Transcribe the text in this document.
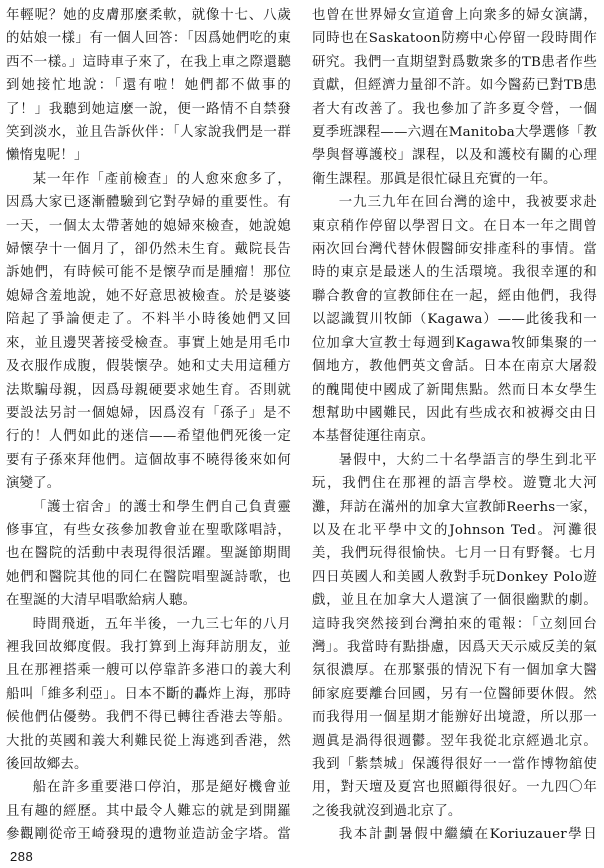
年輕呢？她的皮膚那麼柔軟，就像十七、八歲的姑娘一樣」有一個人回答：「因爲她們吃的東西不一樣。」這時車子來了，在我上車之際還聽到她接忙地說：「還有啦！她們都不做事的了！」我聽到她這麼一說，便一路情不自禁發笑到淡水，並且告訴伙伴：「人家說我們是一群懶惰鬼呢！」

某一年作「產前檢查」的人愈來愈多了，因爲大家已逐漸體驗到它對孕婦的重要性。有一天，一個太太帶著她的媳婦來檢查，她說媳婦懷孕十一個月了，卻仍然未生育。戴院長告訴她們，有時候可能不是懷孕而是腫瘤！那位媳婦含羞地說，她不好意思被檢查。於是婆婆陪起了爭論便走了。不料半小時後她們又回來，並且邊哭著接受檢查。事實上她是用毛巾及衣服作成腹，假裝懷孕。她和丈夫用這種方法欺騙母親，因爲母親硬要求她生育。否則就要設法另討一個媳婦，因爲沒有「孫子」是不行的！人們如此的迷信——希望他們死後一定要有子孫來拜他們。這個故事不曉得後來如何演變了。

「護士宿舍」的護士和學生們自己負責靈修事宜，有些女孩參加教會並在聖歌隊唱詩，也在醫院的活動中表現得很活躍。聖誕節期間她們和醫院其他的同仁在醫院唱聖誕詩歌，也在聖誕的大清早唱歌給病人聽。

時間飛逝，五年半後，一九三七年的八月裡我回故鄉度假。我打算到上海拜訪朋友，並且在那裡搭乘一艘可以停靠許多港口的義大利船叫「維多利亞」。日本不斷的轟炸上海，那時候他們佔優勢。我們不得已轉往香港去等船。大批的英國和義大利難民從上海逃到香港，然後回故鄉去。

船在許多重要港口停泊，那是絕好機會並且有趣的經歷。其中最令人難忘的就是到開羅參觀剛從帝王崎發現的遺物並造訪金字塔。當

也曾在世界婦女宣道會上向衆多的婦女演講，同時也在Saskatoon防癆中心停留一段時間作研究。我們一直期望對爲數衆多的TB患者作些貢獻，但經濟力量卻不許。如今醫葯已對TB患者大有改善了。我也參加了許多夏令營，一個夏季班課程——六週在Manitoba大學選修「教學與督導護校」課程，以及和護校有關的心理衛生課程。那眞是很忙碌且充實的一年。

一九三九年在回台灣的途中，我被要求赴東京稍作停留以學習日文。在日本一年之間曾兩次回台灣代替休假醫師安排產科的事情。當時的東京是最迷人的生活環境。我很幸運的和聯合教會的宣教師住在一起，經由他們，我得以認識賀川牧師（Kagawa）——此後我和一位加拿大宣教士每週到Kagawa牧師集聚的一個地方，教他們英文會話。日本在南京大屠殺的醜聞使中國成了新聞焦點。然而日本女學生想幫助中國難民，因此有些成衣和被褥交由日本基督徒運往南京。

暑假中，大約二十名學語言的學生到北平玩，我們住在那裡的語言學校。遊覽北大河灘，拜訪在滿州的加拿大宣教師Reerhs一家，以及在北平學中文的Johnson Ted。河灘很美，我們玩得很愉快。七月一日有野餐。七月四日英國人和美國人敎對手玩Donkey Polo遊戲，並且在加拿大人還演了一個很幽默的劇。這時我突然接到台灣拍來的電報：「立刻回台灣」。我當時有點掛慮，因爲天天示威反美的氣氛很濃厚。在那緊張的情況下有一個加拿大醫師家庭要離台回國，另有一位醫師要休假。然而我得用一個星期才能辦好出境證，所以那一週眞是渦得很週鬱。翌年我從北京經過北京。我到「紫禁城」保護得很好一一當作博物舘使用，對天壇及夏宮也照顧得很好。一九四〇年之後我就沒到過北京了。

我本計劃暑假中繼續在Koriuzauer學日

288
